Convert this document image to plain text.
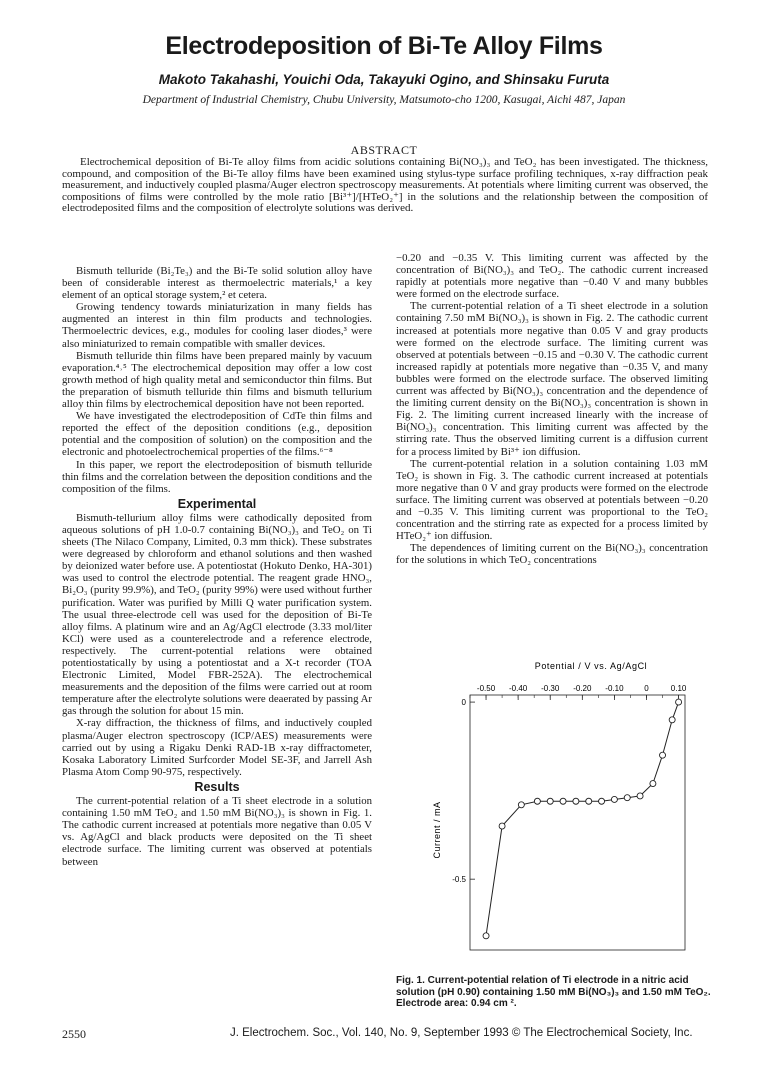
Electrodeposition of Bi-Te Alloy Films
Makoto Takahashi, Youichi Oda, Takayuki Ogino, and Shinsaku Furuta
Department of Industrial Chemistry, Chubu University, Matsumoto-cho 1200, Kasugai, Aichi 487, Japan
ABSTRACT
Electrochemical deposition of Bi-Te alloy films from acidic solutions containing Bi(NO₃)₃ and TeO₂ has been investigated. The thickness, compound, and composition of the Bi-Te alloy films have been examined using stylus-type surface profiling techniques, x-ray diffraction peak measurement, and inductively coupled plasma/Auger electron spectroscopy measurements. At potentials where limiting current was observed, the compositions of films were controlled by the mole ratio [Bi³⁺]/[HTeO₂⁺] in the solutions and the relationship between the composition of electrodeposited films and the composition of electrolyte solutions was derived.

Bismuth telluride (Bi₂Te₃) and the Bi-Te solid solution alloy have been of considerable interest as thermoelectric materials,¹ a key element of an optical storage system,² et cetera.

Growing tendency towards miniaturization in many fields has augmented an interest in thin film products and technologies. Thermoelectric devices, e.g., modules for cooling laser diodes,³ were also miniaturized to remain compatible with smaller devices.

Bismuth telluride thin films have been prepared mainly by vacuum evaporation.⁴˒⁵ The electrochemical deposition may offer a low cost growth method of high quality metal and semiconductor thin films. But the preparation of bismuth telluride thin films and bismuth tellurium alloy thin films by electrochemical deposition have not been reported.

We have investigated the electrodeposition of CdTe thin films and reported the effect of the deposition conditions (e.g., deposition potential and the composition of solution) on the composition and the electronic and photoelectrochemical properties of the films.⁶⁻⁸

In this paper, we report the electrodeposition of bismuth telluride thin films and the correlation between the deposition conditions and the composition of the films.

Experimental

Bismuth-tellurium alloy films were cathodically deposited from aqueous solutions of pH 1.0-0.7 containing Bi(NO₃)₃ and TeO₂ on Ti sheets (The Nilaco Company, Limited, 0.3 mm thick). These substrates were degreased by chloroform and ethanol solutions and then washed by deionized water before use. A potentiostat (Hokuto Denko, HA-301) was used to control the electrode potential. The reagent grade HNO₃, Bi₂O₃ (purity 99.9%), and TeO₂ (purity 99%) were used without further purification. Water was purified by Milli Q water purification system. The usual three-electrode cell was used for the deposition of Bi-Te alloy films. A platinum wire and an Ag/AgCl electrode (3.33 mol/liter KCl) were used as a counterelectrode and a reference electrode, respectively. The current-potential relations were obtained potentiostatically by using a potentiostat and a X-t recorder (TOA Electronic Limited, Model FBR-252A). The electrochemical measurements and the deposition of the films were carried out at room temperature after the electrolyte solutions were deaerated by passing Ar gas through the solution for about 15 min.

X-ray diffraction, the thickness of films, and inductively coupled plasma/Auger electron spectroscopy (ICP/AES) measurements were carried out by using a Rigaku Denki RAD-1B x-ray diffractometer, Kosaka Laboratory Limited Surfcorder Model SE-3F, and Jarrell Ash Plasma Atom Comp 90-975, respectively.

Results

The current-potential relation of a Ti sheet electrode in a solution containing 1.50 mM TeO₂ and 1.50 mM Bi(NO₃)₃ is shown in Fig. 1. The cathodic current increased at potentials more negative than 0.05 V vs. Ag/AgCl and black products were deposited on the Ti sheet electrode surface. The limiting current was observed at potentials between

−0.20 and −0.35 V. This limiting current was affected by the concentration of Bi(NO₃)₃ and TeO₂. The cathodic current increased rapidly at potentials more negative than −0.40 V and many bubbles were formed on the electrode surface.

The current-potential relation of a Ti sheet electrode in a solution containing 7.50 mM Bi(NO₃)₃ is shown in Fig. 2. The cathodic current increased at potentials more negative than 0.05 V and gray products were formed on the electrode surface. The limiting current was observed at potentials between −0.15 and −0.30 V. The cathodic current increased rapidly at potentials more negative than −0.35 V, and many bubbles were formed on the electrode surface. The observed limiting current was affected by Bi(NO₃)₃ concentration and the dependence of the limiting current density on the Bi(NO₃)₃ concentration is shown in Fig. 2. The limiting current increased linearly with the increase of Bi(NO₃)₃ concentration. This limiting current was affected by the stirring rate. Thus the observed limiting current is a diffusion current for a process limited by Bi³⁺ ion diffusion.

The current-potential relation in a solution containing 1.03 mM TeO₂ is shown in Fig. 3. The cathodic current increased at potentials more negative than 0 V and gray products were formed on the electrode surface. The limiting current was observed at potentials between −0.20 and −0.35 V. This limiting current was proportional to the TeO₂ concentration and the stirring rate as expected for a process limited by HTeO₂⁺ ion diffusion.

The dependences of limiting current on the Bi(NO₃)₃ concentration for the solutions in which TeO₂ concentrations

Potential / V vs. Ag/AgCl
-0.50 -0.40 -0.30 -0.20 -0.10	0	0.10
0
-0.5
Current / mA
Fig. 1. Current-potential relation of Ti electrode in a nitric acid solution (pH 0.90) containing 1.50 mM Bi(NO₃)₃ and 1.50 mM TeO₂. Electrode area: 0.94 cm ².
2550	J. Electrochem. Soc., Vol. 140, No. 9, September 1993 © The Electrochemical Society, Inc.
